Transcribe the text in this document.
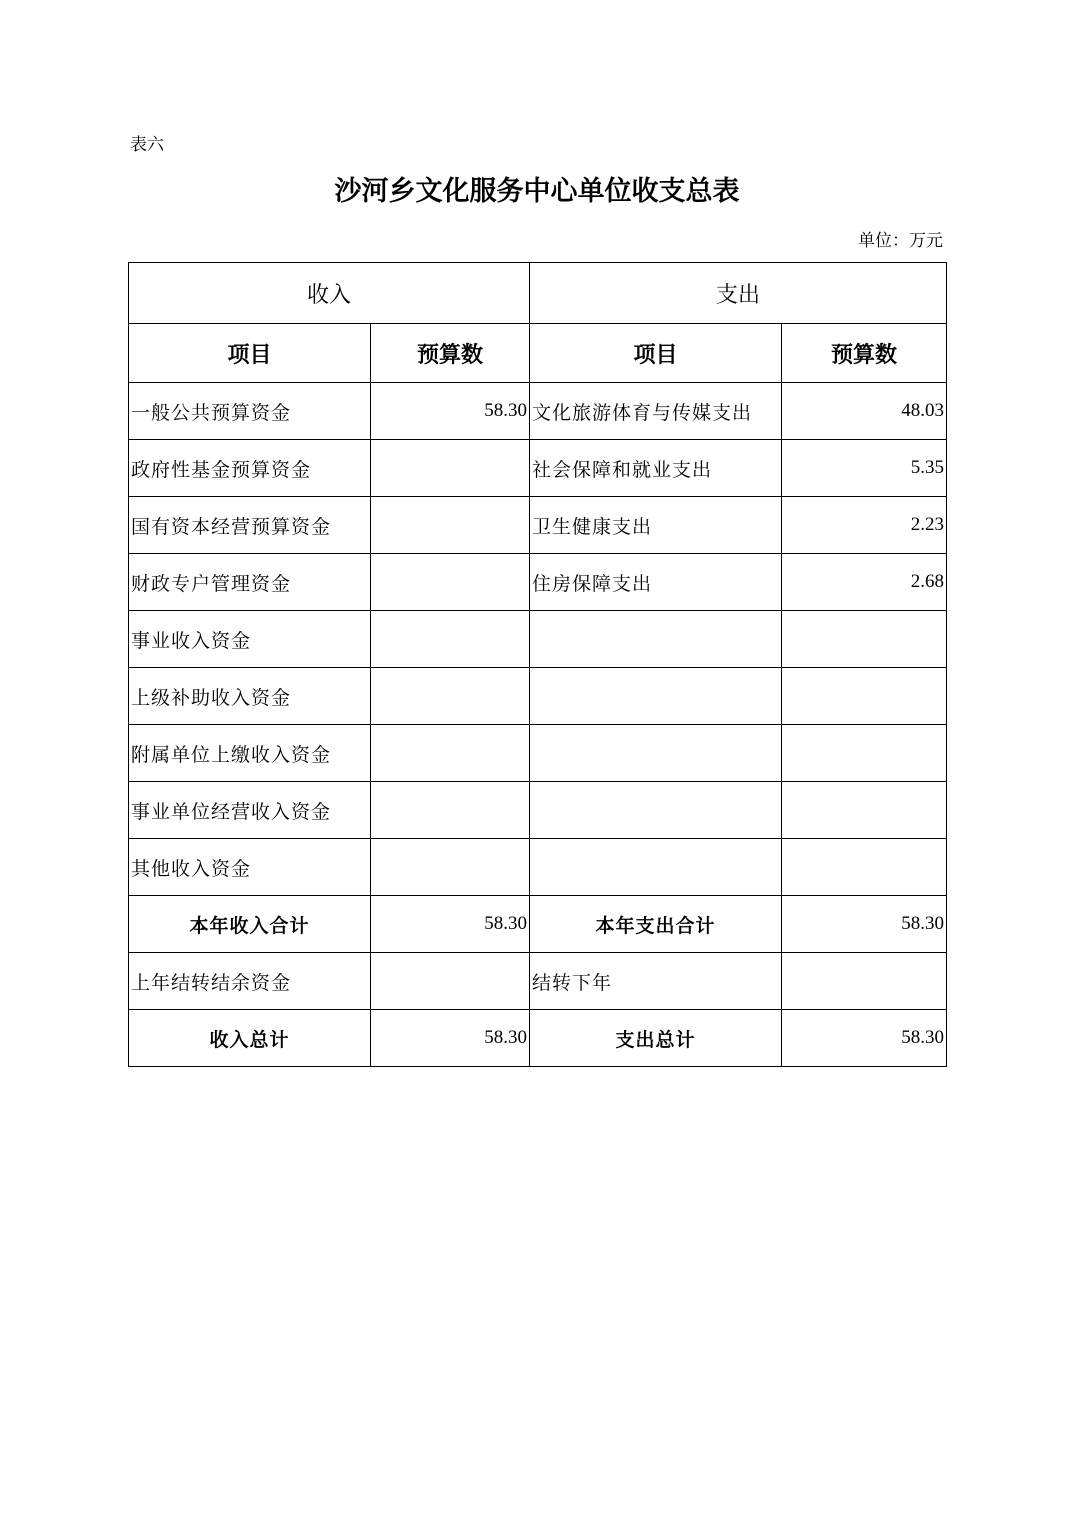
表六
沙河乡文化服务中心单位收支总表
单位：万元
收入		支出	
项目	预算数	项目	预算数
一般公共预算资金	58.30	文化旅游体育与传媒支出	48.03
政府性基金预算资金		社会保障和就业支出	5.35
国有资本经营预算资金		卫生健康支出	2.23
财政专户管理资金		住房保障支出	2.68
事业收入资金			
上级补助收入资金			
附属单位上缴收入资金			
事业单位经营收入资金			
其他收入资金			
本年收入合计	58.30	本年支出合计	58.30
上年结转结余资金		结转下年	
收入总计	58.30	支出总计	58.30
